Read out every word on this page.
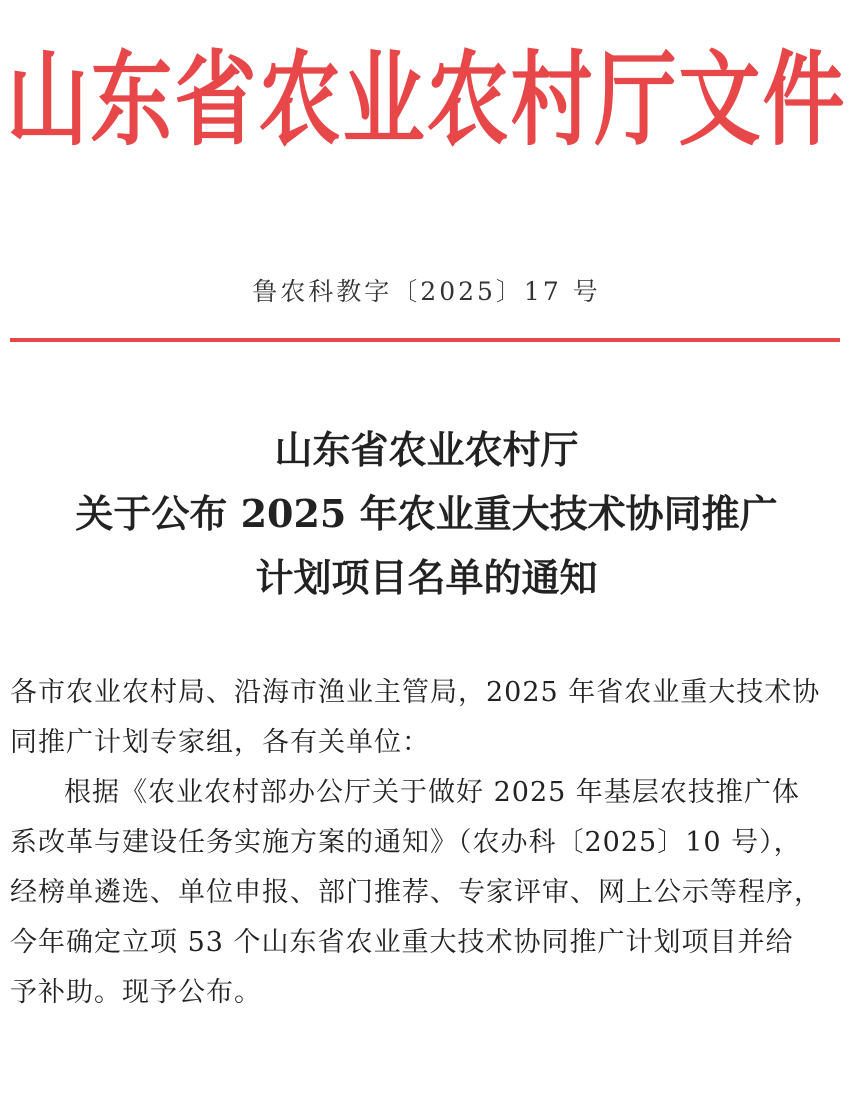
山东省农业农村厅文件
鲁农科教字〔2025〕17 号
山东省农业农村厅
关于公布 2025 年农业重大技术协同推广
计划项目名单的通知

各市农业农村局、沿海市渔业主管局，2025 年省农业重大技术协
同推广计划专家组，各有关单位：

根据《农业农村部办公厅关于做好 2025 年基层农技推广体
系改革与建设任务实施方案的通知》（农办科〔2025〕10 号），

经榜单遴选、单位申报、部门推荐、专家评审、网上公示等程序，
今年确定立项 53 个山东省农业重大技术协同推广计划项目并给
予补助。现予公布。
